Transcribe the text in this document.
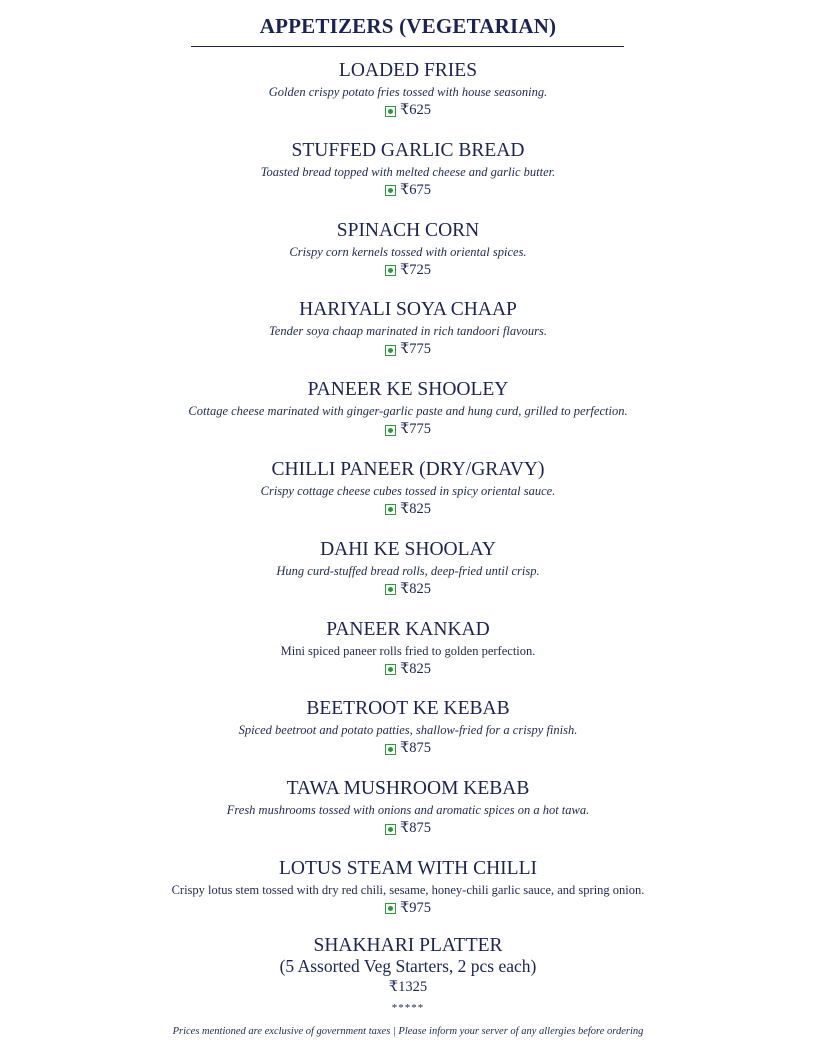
APPETIZERS (VEGETARIAN)
LOADED FRIES
Golden crispy potato fries tossed with house seasoning.
₹625
STUFFED GARLIC BREAD
Toasted bread topped with melted cheese and garlic butter.
₹675
SPINACH CORN
Crispy corn kernels tossed with oriental spices.
₹725
HARIYALI SOYA CHAAP
Tender soya chaap marinated in rich tandoori flavours.
₹775
PANEER KE SHOOLEY
Cottage cheese marinated with ginger-garlic paste and hung curd, grilled to perfection.
₹775
CHILLI PANEER (DRY/GRAVY)
Crispy cottage cheese cubes tossed in spicy oriental sauce.
₹825
DAHI KE SHOOLAY
Hung curd-stuffed bread rolls, deep-fried until crisp.
₹825
PANEER KANKAD
Mini spiced paneer rolls fried to golden perfection.
₹825
BEETROOT KE KEBAB
Spiced beetroot and potato patties, shallow-fried for a crispy finish.
₹875
TAWA MUSHROOM KEBAB
Fresh mushrooms tossed with onions and aromatic spices on a hot tawa.
₹875
LOTUS STEAM WITH CHILLI
Crispy lotus stem tossed with dry red chili, sesame, honey-chili garlic sauce, and spring onion.
₹975
SHAKHARI PLATTER
(5 Assorted Veg Starters, 2 pcs each)
₹1325
*****
Prices mentioned are exclusive of government taxes | Please inform your server of any allergies before ordering
